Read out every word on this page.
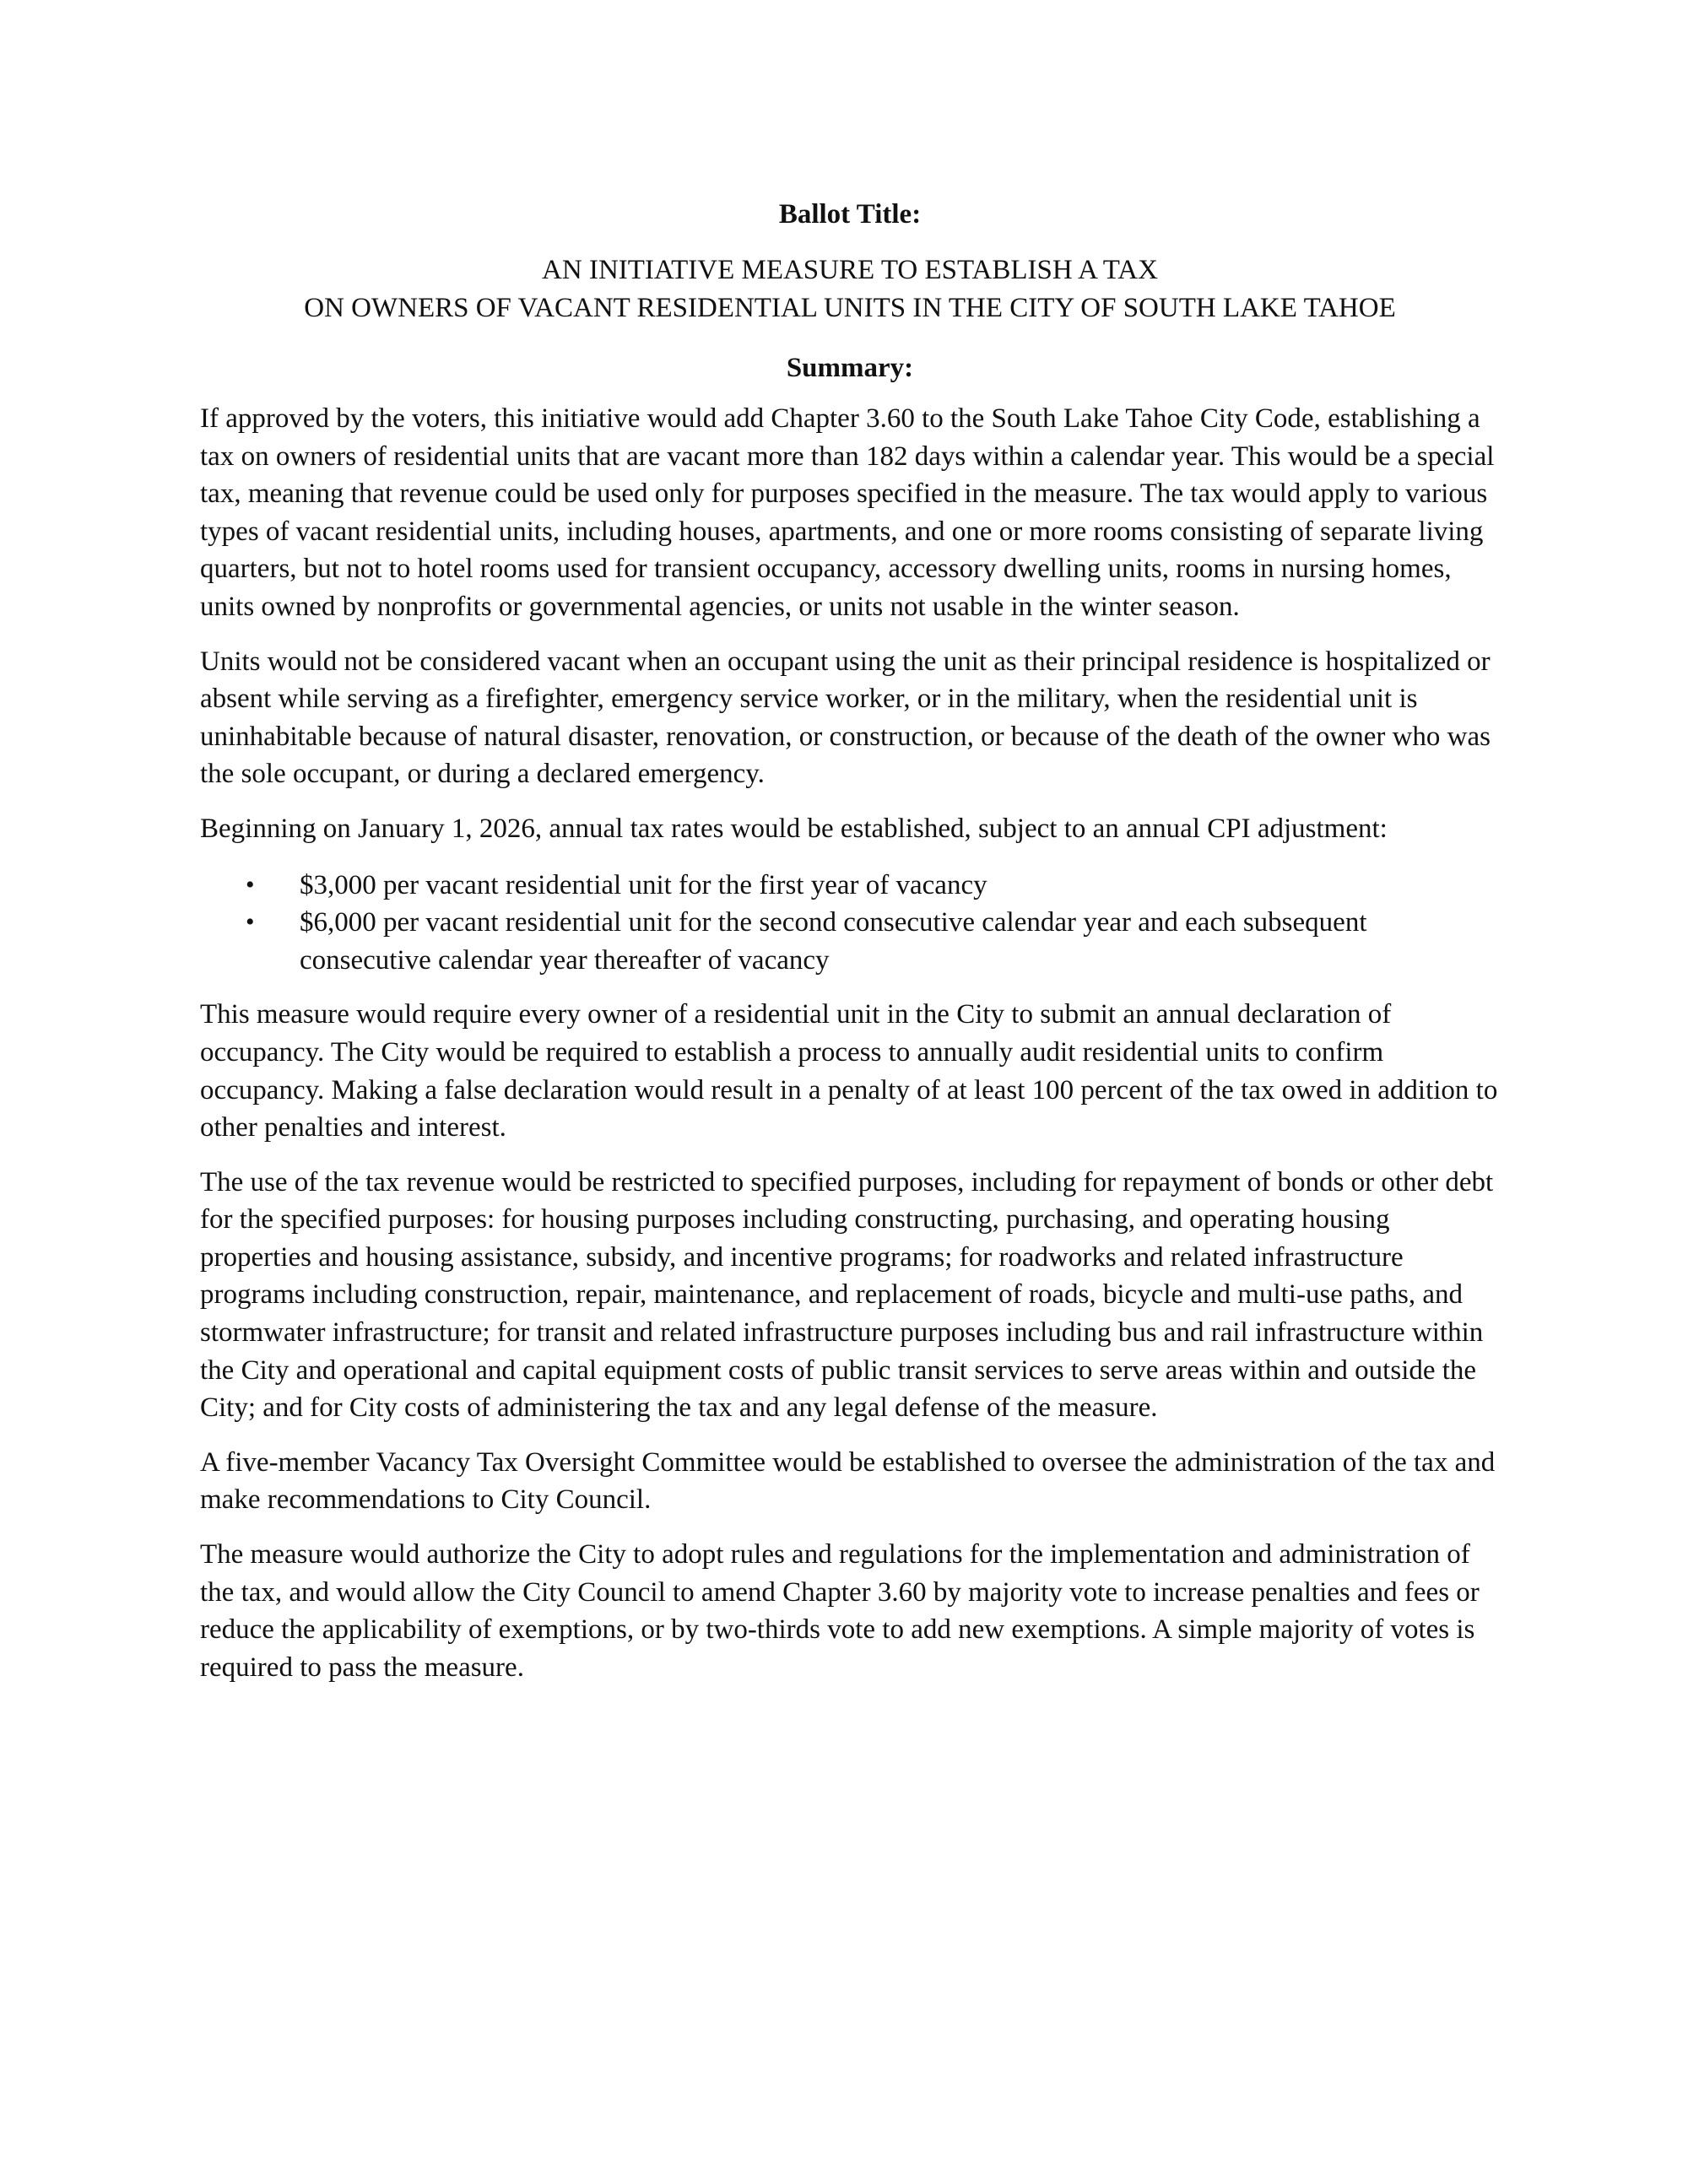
Ballot Title:
AN INITIATIVE MEASURE TO ESTABLISH A TAX
ON OWNERS OF VACANT RESIDENTIAL UNITS IN THE CITY OF SOUTH LAKE TAHOE
Summary:

If approved by the voters, this initiative would add Chapter 3.60 to the South Lake Tahoe City Code, establishing a tax on owners of residential units that are vacant more than 182 days within a calendar year. This would be a special tax, meaning that revenue could be used only for purposes specified in the measure. The tax would apply to various types of vacant residential units, including houses, apartments, and one or more rooms consisting of separate living quarters, but not to hotel rooms used for transient occupancy, accessory dwelling units, rooms in nursing homes, units owned by nonprofits or governmental agencies, or units not usable in the winter season.

Units would not be considered vacant when an occupant using the unit as their principal residence is hospitalized or absent while serving as a firefighter, emergency service worker, or in the military, when the residential unit is uninhabitable because of natural disaster, renovation, or construction, or because of the death of the owner who was the sole occupant, or during a declared emergency.

Beginning on January 1, 2026, annual tax rates would be established, subject to an annual CPI adjustment:

• $3,000 per vacant residential unit for the first year of vacancy
• $6,000 per vacant residential unit for the second consecutive calendar year and each subsequent consecutive calendar year thereafter of vacancy

This measure would require every owner of a residential unit in the City to submit an annual declaration of occupancy. The City would be required to establish a process to annually audit residential units to confirm occupancy. Making a false declaration would result in a penalty of at least 100 percent of the tax owed in addition to other penalties and interest.

The use of the tax revenue would be restricted to specified purposes, including for repayment of bonds or other debt for the specified purposes: for housing purposes including constructing, purchasing, and operating housing properties and housing assistance, subsidy, and incentive programs; for roadworks and related infrastructure programs including construction, repair, maintenance, and replacement of roads, bicycle and multi-use paths, and stormwater infrastructure; for transit and related infrastructure purposes including bus and rail infrastructure within the City and operational and capital equipment costs of public transit services to serve areas within and outside the City; and for City costs of administering the tax and any legal defense of the measure.

A five-member Vacancy Tax Oversight Committee would be established to oversee the administration of the tax and make recommendations to City Council.

The measure would authorize the City to adopt rules and regulations for the implementation and administration of the tax, and would allow the City Council to amend Chapter 3.60 by majority vote to increase penalties and fees or reduce the applicability of exemptions, or by two-thirds vote to add new exemptions. A simple majority of votes is required to pass the measure.
